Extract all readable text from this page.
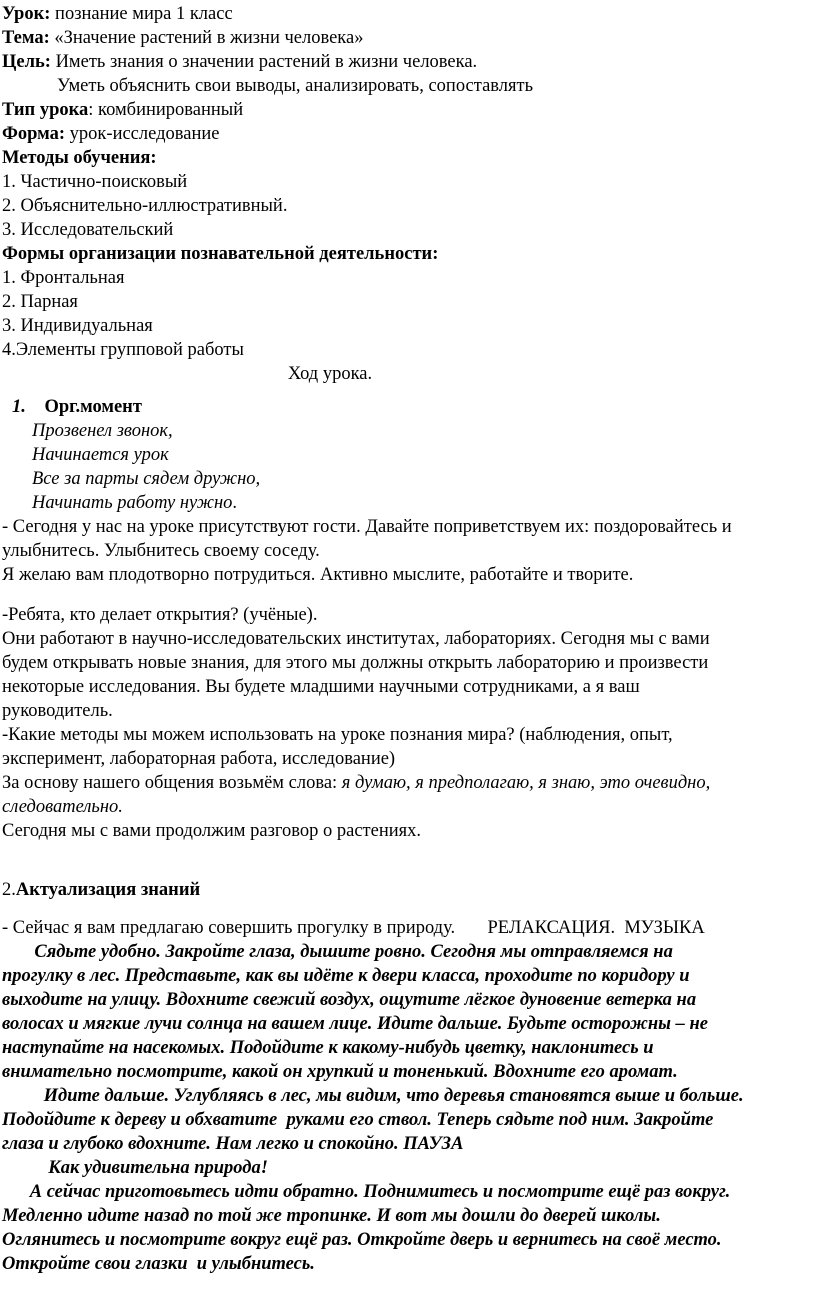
Урок: познание мира 1 класс
Тема: «Значение растений в жизни человека»
Цель: Иметь знания о значении растений в жизни человека.
Уметь объяснить свои выводы, анализировать, сопоставлять
Тип урока: комбинированный
Форма: урок-исследование
Методы обучения:
1. Частично-поисковый
2. Объяснительно-иллюстративный.
3. Исследовательский
Формы организации познавательной деятельности:
1. Фронтальная
2. Парная
3. Индивидуальная
4.Элементы групповой работы
Ход урока.
1. Орг.момент
Прозвенел звонок,
Начинается урок
Все за парты сядем дружно,
Начинать работу нужно.
- Сегодня у нас на уроке присутствуют гости. Давайте поприветствуем их: поздоровайтесь и
улыбнитесь. Улыбнитесь своему соседу.
Я желаю вам плодотворно потрудиться. Активно мыслите, работайте и творите.
-Ребята, кто делает открытия? (учёные).
Они работают в научно-исследовательских институтах, лабораториях. Сегодня мы с вами
будем открывать новые знания, для этого мы должны открыть лабораторию и произвести
некоторые исследования. Вы будете младшими научными сотрудниками, а я ваш
руководитель.
-Какие методы мы можем использовать на уроке познания мира? (наблюдения, опыт,
эксперимент, лабораторная работа, исследование)
За основу нашего общения возьмём слова: я думаю, я предполагаю, я знаю, это очевидно,
следовательно.
Сегодня мы с вами продолжим разговор о растениях.
2.Актуализация знаний
- Сейчас я вам предлагаю совершить прогулку в природу.       РЕЛАКСАЦИЯ.  МУЗЫКА
Сядьте удобно. Закройте глаза, дышите ровно. Сегодня мы отправляемся на
прогулку в лес. Представьте, как вы идёте к двери класса, проходите по коридору и
выходите на улицу. Вдохните свежий воздух, ощутите лёгкое дуновение ветерка на
волосах и мягкие лучи солнца на вашем лице. Идите дальше. Будьте осторожны – не
наступайте на насекомых. Подойдите к какому-нибудь цветку, наклонитесь и
внимательно посмотрите, какой он хрупкий и тоненький. Вдохните его аромат.
Идите дальше. Углубляясь в лес, мы видим, что деревья становятся выше и больше.
Подойдите к дереву и обхватите  руками его ствол. Теперь сядьте под ним. Закройте
глаза и глубоко вдохните. Нам легко и спокойно. ПАУЗА
Как удивительна природа!
А сейчас приготовьтесь идти обратно. Поднимитесь и посмотрите ещё раз вокруг.
Медленно идите назад по той же тропинке. И вот мы дошли до дверей школы.
Оглянитесь и посмотрите вокруг ещё раз. Откройте дверь и вернитесь на своё место.
Откройте свои глазки  и улыбнитесь.
